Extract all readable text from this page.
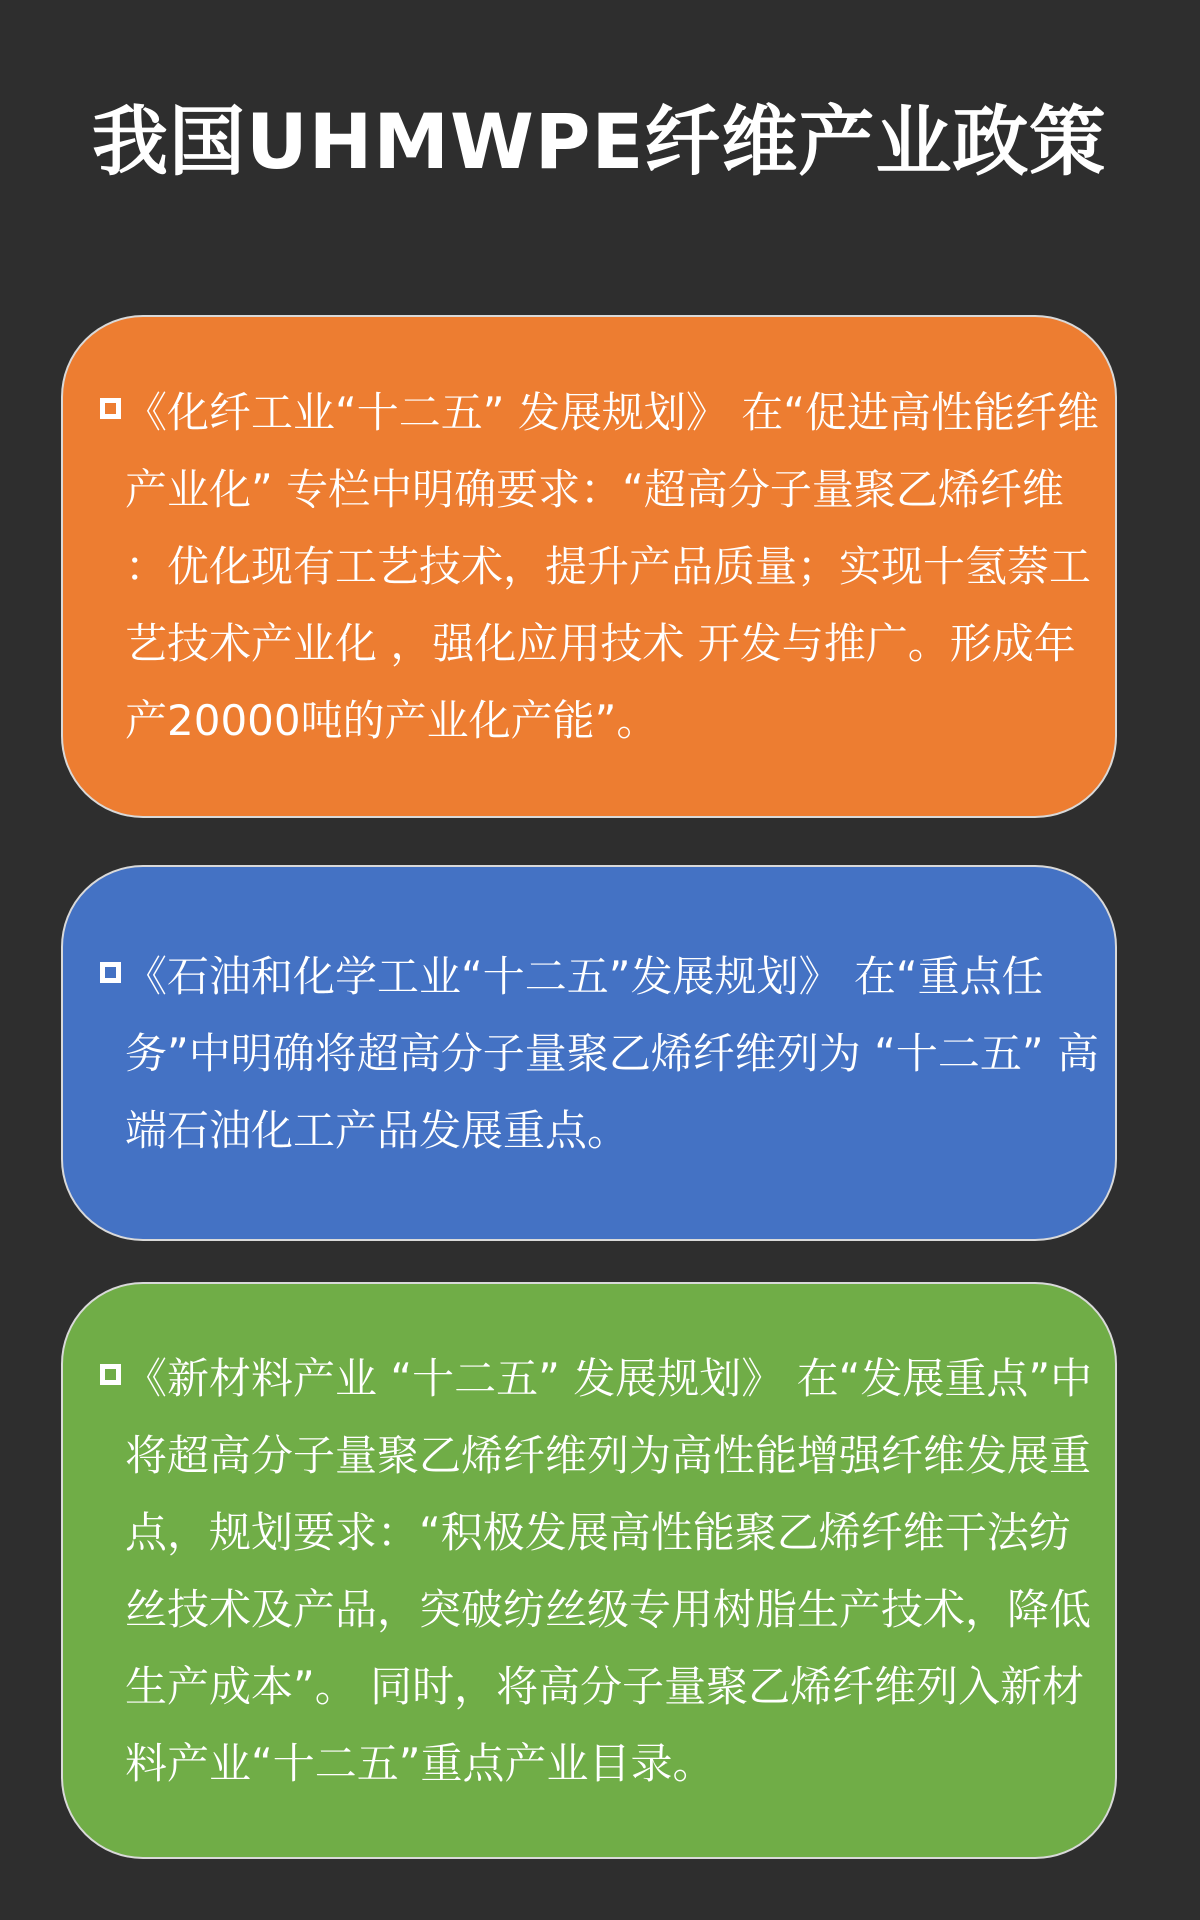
我国UHMWPE纤维产业政策

《化纤工业“十二五” 发展规划》 在“促进高性能纤维产业化” 专栏中明确要求：“超高分子量聚乙烯纤维 ：优化现有工艺技术，提升产品质量；实现十氢萘工艺技术产业化 ，强化应用技术 开发与推广。形成年产20000吨的产业化产能”。

《石油和化学工业“十二五”发展规划》 在“重点任务”中明确将超高分子量聚乙烯纤维列为 “十二五” 高端石油化工产品发展重点。

《新材料产业 “十二五” 发展规划》 在“发展重点”中将超高分子量聚乙烯纤维列为高性能增强纤维发展重点，规划要求：“积极发展高性能聚乙烯纤维干法纺丝技术及产品，突破纺丝级专用树脂生产技术，降低生产成本”。 同时，将高分子量聚乙烯纤维列入新材料产业“十二五”重点产业目录。
